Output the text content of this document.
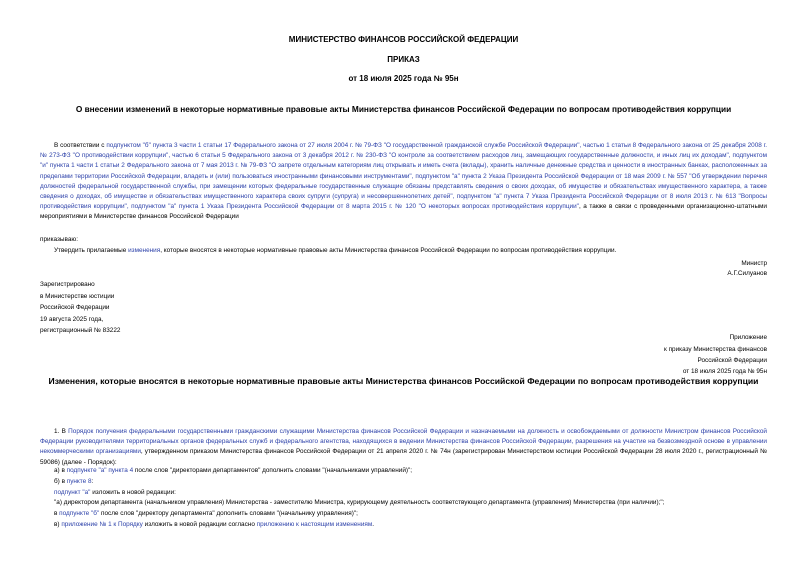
МИНИСТЕРСТВО ФИНАНСОВ РОССИЙСКОЙ ФЕДЕРАЦИИ
ПРИКАЗ
от 18 июля 2025 года № 95н
О внесении изменений в некоторые нормативные правовые акты Министерства финансов Российской Федерации по вопросам противодействия коррупции
В соответствии с подпунктом "б" пункта 3 части 1 статьи 17 Федерального закона от 27 июля 2004 г. № 79-ФЗ "О государственной гражданской службе Российской Федерации", частью 1 статьи 8 Федерального закона от 25 декабря 2008 г. № 273-ФЗ "О противодействии коррупции", частью 6 статьи 5 Федерального закона от 3 декабря 2012 г. № 230-ФЗ "О контроле за соответствием расходов лиц, замещающих государственные должности, и иных лиц их доходам", подпунктом "и" пункта 1 части 1 статьи 2 Федерального закона от 7 мая 2013 г. № 79-ФЗ "О запрете отдельным категориям лиц открывать и иметь счета (вклады), хранить наличные денежные средства и ценности в иностранных банках, расположенных за пределами территории Российской Федерации, владеть и (или) пользоваться иностранными финансовыми инструментами", подпунктом "а" пункта 2 Указа Президента Российской Федерации от 18 мая 2009 г. № 557 "Об утверждении перечня должностей федеральной государственной службы, при замещении которых федеральные государственные служащие обязаны представлять сведения о своих доходах, об имуществе и обязательствах имущественного характера, а также сведения о доходах, об имуществе и обязательствах имущественного характера своих супруги (супруга) и несовершеннолетних детей", подпунктом "а" пункта 7 Указа Президента Российской Федерации от 8 июля 2013 г. № 613 "Вопросы противодействия коррупции", подпунктом "а" пункта 1 Указа Президента Российской Федерации от 8 марта 2015 г. № 120 "О некоторых вопросах противодействия коррупции", а также в связи с проведенными организационно-штатными мероприятиями в Министерстве финансов Российской Федерации
приказываю:
Утвердить прилагаемые изменения, которые вносятся в некоторые нормативные правовые акты Министерства финансов Российской Федерации по вопросам противодействия коррупции.
Министр
А.Г.Силуанов
Зарегистрировано
в Министерстве юстиции
Российской Федерации
19 августа 2025 года,
регистрационный № 83222
Приложение
к приказу Министерства финансов
Российской Федерации
от 18 июля 2025 года № 95н
Изменения, которые вносятся в некоторые нормативные правовые акты Министерства финансов Российской Федерации по вопросам противодействия коррупции
1. В Порядок получения федеральными государственными гражданскими служащими Министерства финансов Российской Федерации и назначаемыми на должность и освобождаемыми от должности Министром финансов Российской Федерации руководителями территориальных органов федеральных служб и федерального агентства, находящихся в ведении Министерства финансов Российской Федерации, разрешения на участие на безвозмездной основе в управлении некоммерческими организациями, утвержденном приказом Министерства финансов Российской Федерации от 21 апреля 2020 г. № 74н (зарегистрирован Министерством юстиции Российской Федерации 28 июля 2020 г., регистрационный № 59086) (далее - Порядок):
а) в подпункте "а" пункта 4 после слов "директорами департаментов" дополнить словами "(начальниками управлений)";
б) в пункте 8:
подпункт "а" изложить в новой редакции:
"а) директором департамента (начальником управления) Министерства - заместителю Министра, курирующему деятельность соответствующего департамента (управления) Министерства (при наличии);";
в подпункте "б" после слов "директору департамента" дополнить словами "(начальнику управления)";
в) приложение № 1 к Порядку изложить в новой редакции согласно приложению к настоящим изменениям.
